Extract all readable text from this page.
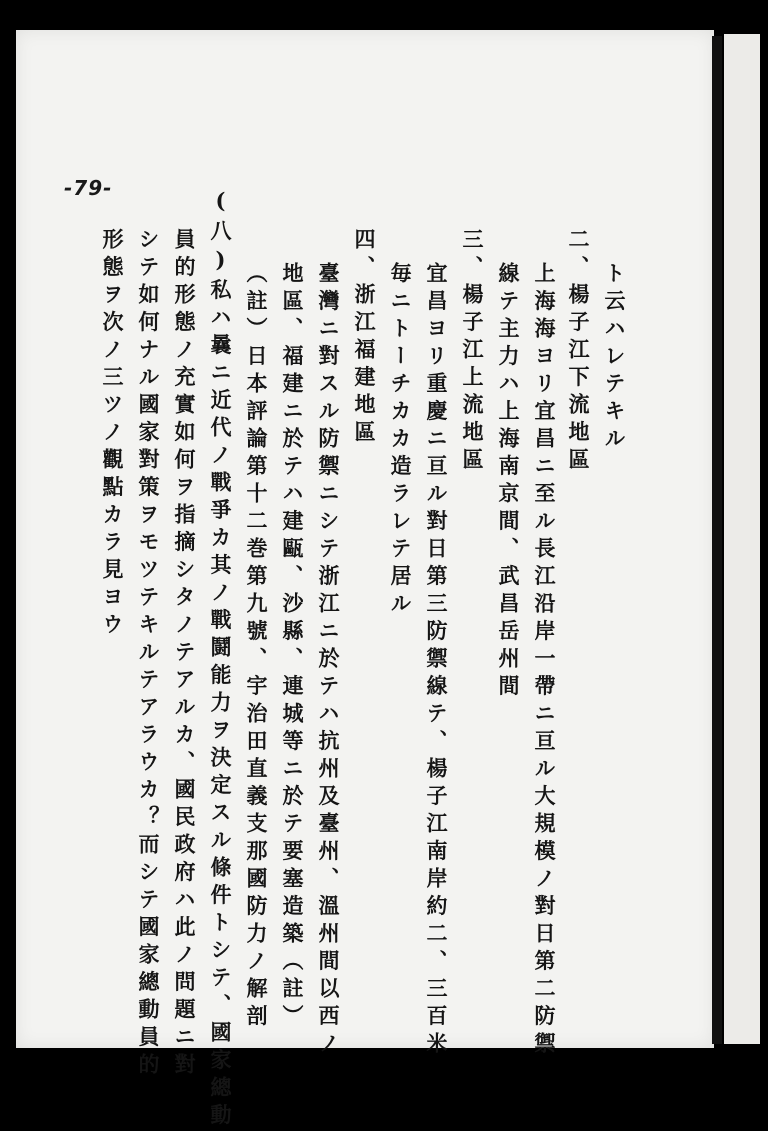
-79-
ト云ハレテキル
二、楊子江下流地區
上海海ヨリ宜昌ニ至ル長江沿岸一帶ニ亘ル大規模ノ對日第二防禦
線テ主力ハ上海南京間、武昌岳州間
三、楊子江上流地區
宜昌ヨリ重慶ニ亘ル對日第三防禦線テ、楊子江南岸約二、三百米
毎ニトーチカカ造ラレテ居ル
四、浙江福建地區
臺灣ニ對スル防禦ニシテ浙江ニ於テハ抗州及臺州、溫州間以西ノ
地區、福建ニ於テハ建甌、沙縣、連城等ニ於テ要塞造築（註）
（註）日本評論第十二巻第九號、宇治田直義支那國防力ノ解剖
(八)私ハ曩ニ近代ノ戰爭カ其ノ戰鬪能力ヲ決定スル條件トシテ、國家總動
員的形態ノ充實如何ヲ指摘シタノテアルカ、國民政府ハ此ノ問題ニ對
シテ如何ナル國家對策ヲモツテキルテアラウカ？而シテ國家總動員的
形態ヲ次ノ三ツノ觀點カラ見ヨウ
